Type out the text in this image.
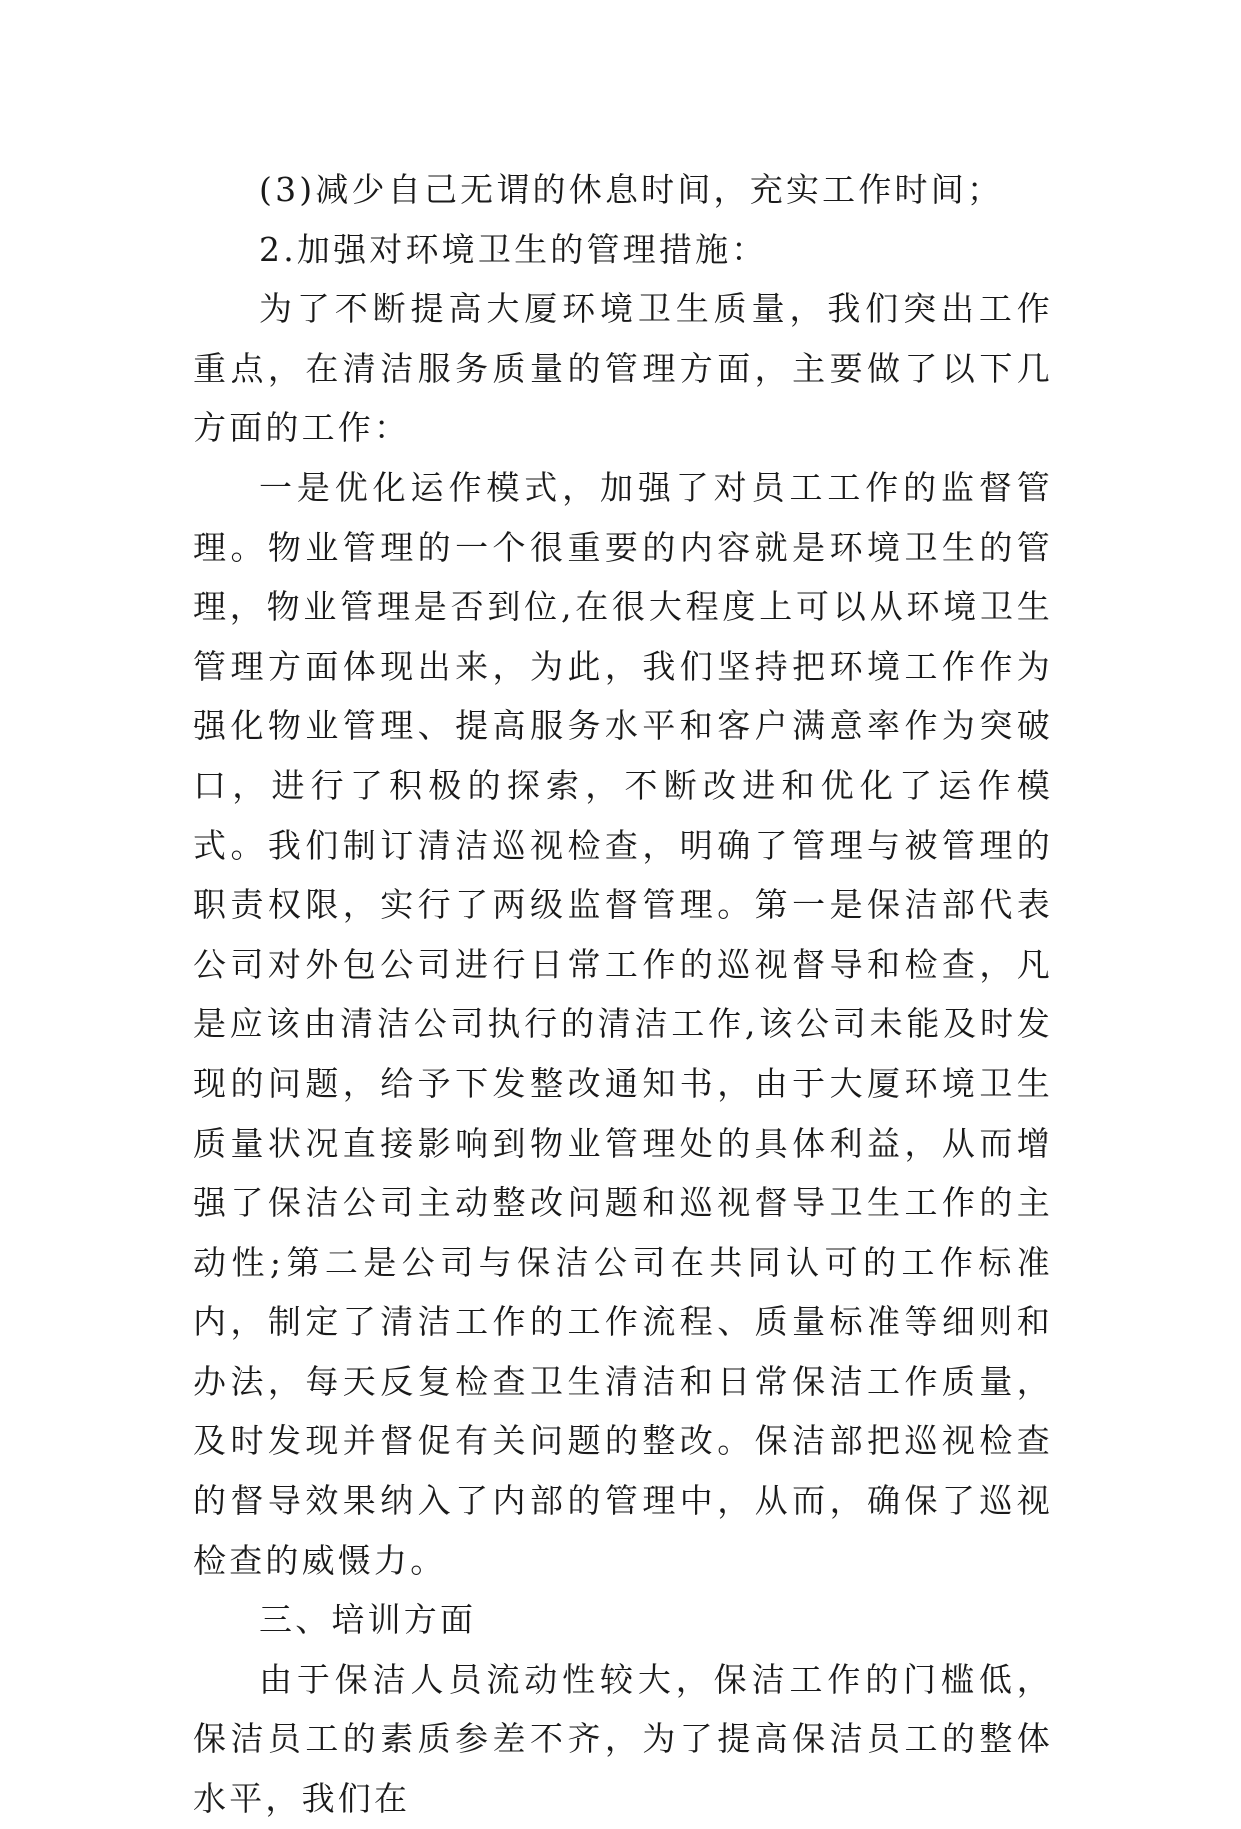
(3)减少自己无谓的休息时间，充实工作时间；

2.加强对环境卫生的管理措施：

为了不断提高大厦环境卫生质量，我们突出工作重点，在清洁服务质量的管理方面，主要做了以下几方面的工作：

一是优化运作模式，加强了对员工工作的监督管理。物业管理的一个很重要的内容就是环境卫生的管理，物业管理是否到位,在很大程度上可以从环境卫生管理方面体现出来，为此，我们坚持把环境工作作为强化物业管理、提高服务水平和客户满意率作为突破口，进行了积极的探索，不断改进和优化了运作模式。我们制订清洁巡视检查，明确了管理与被管理的职责权限，实行了两级监督管理。第一是保洁部代表公司对外包公司进行日常工作的巡视督导和检查，凡是应该由清洁公司执行的清洁工作,该公司未能及时发现的问题，给予下发整改通知书，由于大厦环境卫生质量状况直接影响到物业管理处的具体利益，从而增强了保洁公司主动整改问题和巡视督导卫生工作的主动性;第二是公司与保洁公司在共同认可的工作标准内，制定了清洁工作的工作流程、质量标准等细则和办法，每天反复检查卫生清洁和日常保洁工作质量，及时发现并督促有关问题的整改。保洁部把巡视检查的督导效果纳入了内部的管理中，从而，确保了巡视检查的威慑力。

三、培训方面

由于保洁人员流动性较大，保洁工作的门槛低，保洁员工的素质参差不齐，为了提高保洁员工的整体水平，我们在
